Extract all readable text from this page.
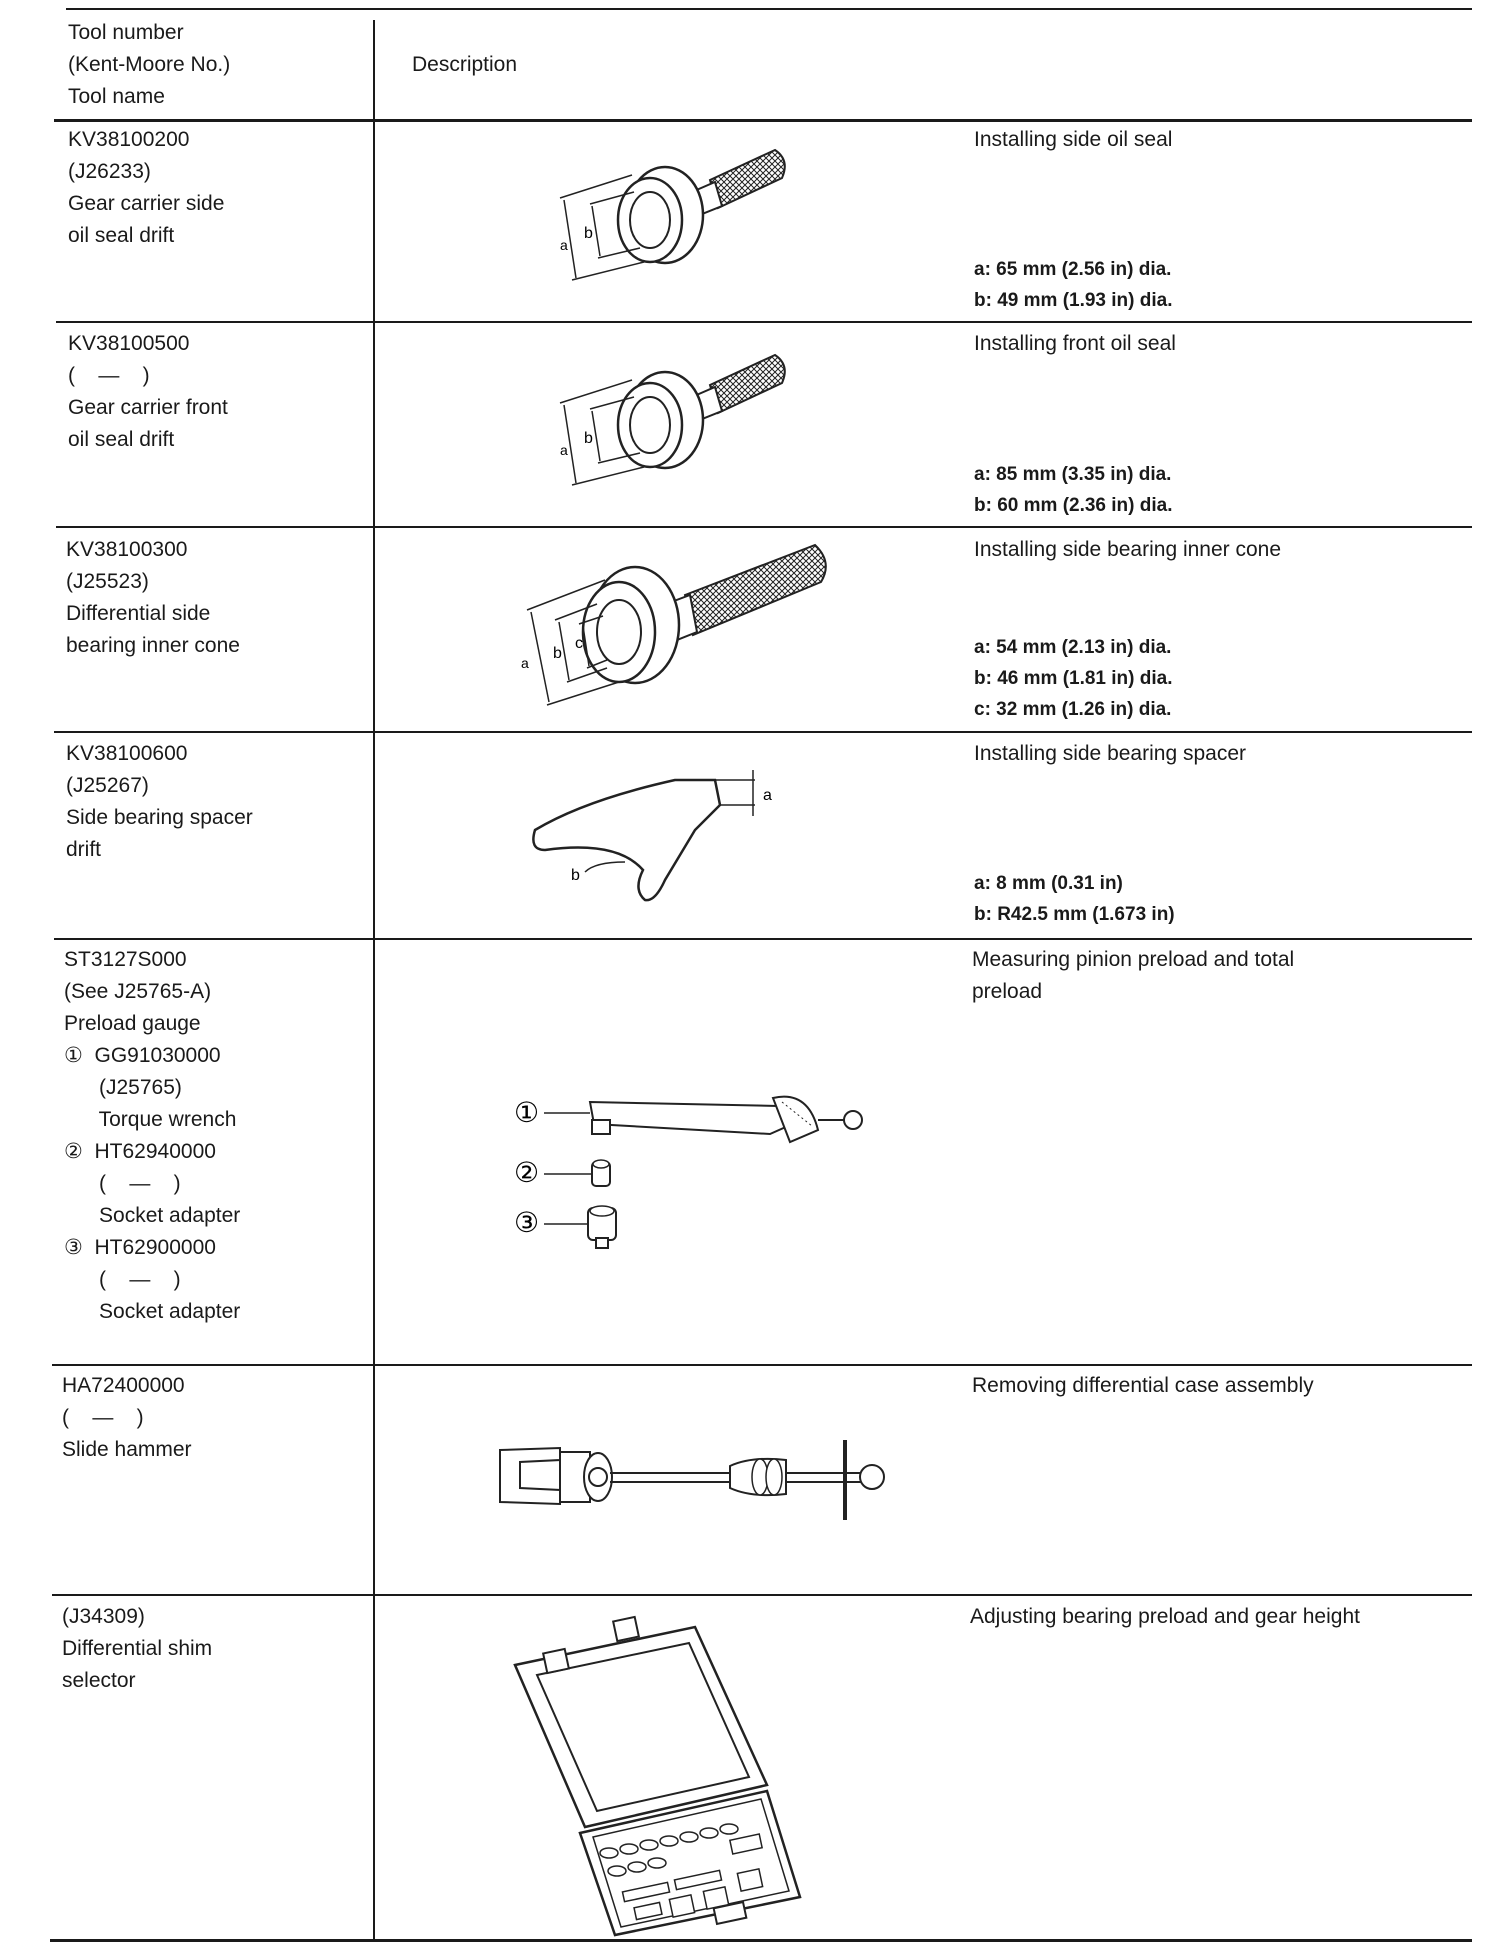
Tool number
(Kent-Moore No.)
Tool name
Description
KV38100200
(J26233)
Gear carrier side
oil seal drift
Installing side oil seal
a: 65 mm (2.56 in) dia.
b: 49 mm (1.93 in) dia.
a
b
KV38100500
(    —    )
Gear carrier front
oil seal drift
Installing front oil seal
a: 85 mm (3.35 in) dia.
b: 60 mm (2.36 in) dia.
a
b
KV38100300
(J25523)
Differential side
bearing inner cone
Installing side bearing inner cone
a: 54 mm (2.13 in) dia.
b: 46 mm (1.81 in) dia.
c: 32 mm (1.26 in) dia.
a
b
c
KV38100600
(J25267)
Side bearing spacer
drift
Installing side bearing spacer
a: 8 mm (0.31 in)
b: R42.5 mm (1.673 in)
a
b
ST3127S000
(See J25765-A)
Preload gauge
①  GG91030000
(J25765)
Torque wrench
②  HT62940000
(    —    )
Socket adapter
③  HT62900000
(    —    )
Socket adapter
Measuring pinion preload and total
preload
①
②
③
HA72400000
(    —    )
Slide hammer
Removing differential case assembly
(J34309)
Differential shim
selector
Adjusting bearing preload and gear height
